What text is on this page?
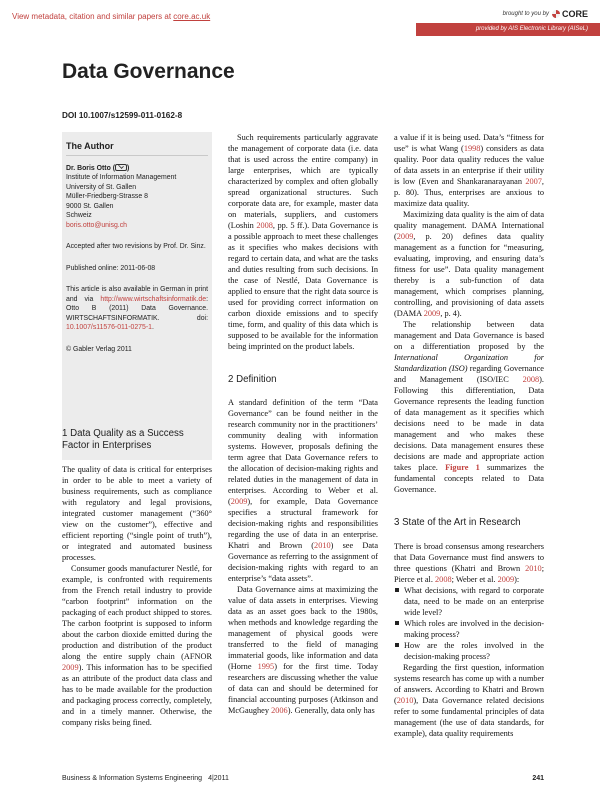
View metadata, citation and similar papers at core.ac.uk	brought to you by CORE
provided by AIS Electronic Library (AISeL)
Data Governance
DOI 10.1007/s12599-011-0162-8
The Author

Dr. Boris Otto ( )

Institute of Information Management

University of St. Gallen

Müller-Friedberg-Strasse 8

9000 St. Gallen

Schweiz

boris.otto@unisg.ch

Accepted after two revisions by Prof. Dr. Sinz.

Published online: 2011-06-08

This article is also available in German in print and via http://www.wirtschaftsinformatik.de: Otto B (2011) Data Governance. WIRTSCHAFTSINFORMATIK. doi: 10.1007/s11576-011-0275-1.

© Gabler Verlag 2011

1 Data Quality as a Success Factor in Enterprises

The quality of data is critical for enterprises in order to be able to meet a variety of business requirements, such as compliance with regulatory and legal provisions, integrated customer management (“360° view on the customer”), effective and efficient reporting (“single point of truth”), or integrated and automated business processes.

Consumer goods manufacturer Nestlé, for example, is confronted with requirements from the French retail industry to provide “carbon footprint” information on the packaging of each product shipped to stores. The carbon footprint is supposed to inform about the carbon dioxide emitted during the production and distribution of the product along the entire supply chain (AFNOR 2009). This information has to be specified as an attribute of the product data class and has to be made available for the production and packaging process correctly, completely, and in a timely manner. Otherwise, the company risks being fined.

Such requirements particularly aggravate the management of corporate data (i.e. data that is used across the entire company) in large enterprises, which are typically characterized by complex and often globally spread organizational structures. Such corporate data are, for example, master data on materials, suppliers, and customers (Loshin 2008, pp. 5 ff.). Data Governance is a possible approach to meet these challenges as it specifies who makes decisions with regard to certain data, and what are the tasks and duties resulting from such decisions. In the case of Nestlé, Data Governance is applied to ensure that the right data source is used for providing correct information on carbon dioxide emissions and to specify time, form, and quality of this data which is supposed to be available for the information being imprinted on the product labels.

2 Definition

A standard definition of the term “Data Governance” can be found neither in the research community nor in the practitioners’ community dealing with information systems. However, proposals defining the term agree that Data Governance refers to the allocation of decision-making rights and related duties in the management of data in enterprises. According to Weber et al. (2009), for example, Data Governance specifies a structural framework for decision-making rights and responsibilities regarding the use of data in an enterprise. Khatri and Brown (2010) see Data Governance as referring to the assignment of decision-making rights with regard to an enterprise’s “data assets”.

Data Governance aims at maximizing the value of data assets in enterprises. Viewing data as an asset goes back to the 1980s, when methods and knowledge regarding the management of physical goods were transferred to the field of managing immaterial goods, like information and data (Horne 1995) for the first time. Today researchers are discussing whether the value of data can and should be determined for financial accounting purposes (Atkinson and McGaughey 2006). Generally, data only has

a value if it is being used. Data’s “fitness for use” is what Wang (1998) considers as data quality. Poor data quality reduces the value of data assets in an enterprise if their utility is low (Even and Shankaranarayanan 2007, p. 80). Thus, enterprises are anxious to maximize data quality.

Maximizing data quality is the aim of data quality management. DAMA International (2009, p. 20) defines data quality management as a function for “measuring, evaluating, improving, and ensuring data’s fitness for use”. Data quality management thereby is a sub-function of data management, which comprises planning, controlling, and provisioning of data assets (DAMA 2009, p. 4).

The relationship between data management and Data Governance is based on a differentiation proposed by the International Organization for Standardization (ISO) regarding Governance and Management (ISO/IEC 2008). Following this differentiation, Data Governance represents the leading function of data management as it specifies which decisions need to be made in data management and who makes these decisions. Data management ensures these decisions are made and appropriate action takes place. Figure 1 summarizes the fundamental concepts related to Data Governance.

3 State of the Art in Research

There is broad consensus among researchers that Data Governance must find answers to three questions (Khatri and Brown 2010; Pierce et al. 2008; Weber et al. 2009):

What decisions, with regard to corporate data, need to be made on an enterprise wide level?
Which roles are involved in the decision-making process?
How are the roles involved in the decision-making process?

Regarding the first question, information systems research has come up with a number of answers. According to Khatri and Brown (2010), Data Governance related decisions refer to some fundamental principles of data management (the use of data standards, for example), data quality requirements

Business & Information Systems Engineering 4|2011	241
